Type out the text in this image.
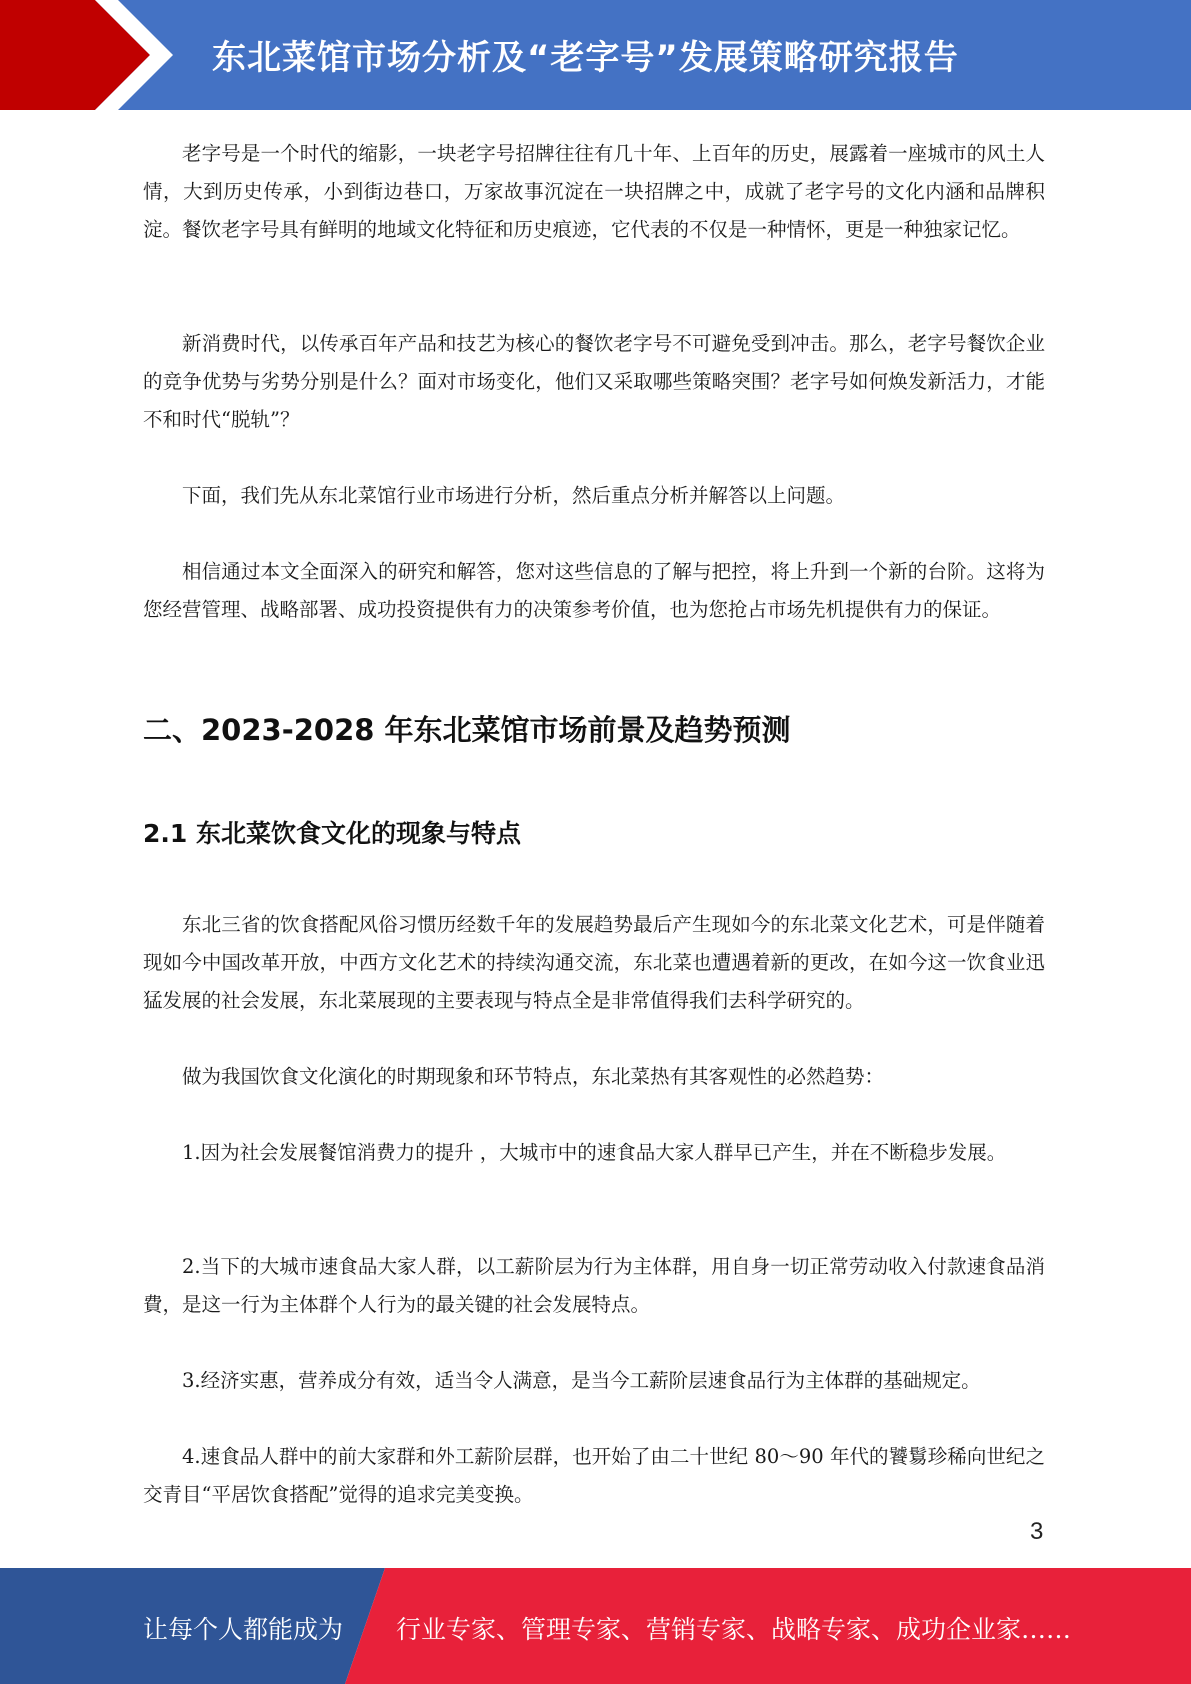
东北菜馆市场分析及“老字号”发展策略研究报告

老字号是一个时代的缩影，一块老字号招牌往往有几十年、上百年的历史，展露着一座城市的风土人情，大到历史传承，小到街边巷口，万家故事沉淀在一块招牌之中，成就了老字号的文化内涵和品牌积淀。餐饮老字号具有鲜明的地域文化特征和历史痕迹，它代表的不仅是一种情怀，更是一种独家记忆。

新消费时代，以传承百年产品和技艺为核心的餐饮老字号不可避免受到冲击。那么，老字号餐饮企业的竞争优势与劣势分别是什么？面对市场变化，他们又采取哪些策略突围？老字号如何焕发新活力，才能不和时代“脱轨”？

下面，我们先从东北菜馆行业市场进行分析，然后重点分析并解答以上问题。

相信通过本文全面深入的研究和解答，您对这些信息的了解与把控，将上升到一个新的台阶。这将为您经营管理、战略部署、成功投资提供有力的决策参考价值，也为您抢占市场先机提供有力的保证。

二、2023-2028 年东北菜馆市场前景及趋势预测
2.1 东北菜饮食文化的现象与特点

东北三省的饮食搭配风俗习惯历经数千年的发展趋势最后产生现如今的东北菜文化艺术，可是伴随着现如今中国改革开放，中西方文化艺术的持续沟通交流，东北菜也遭遇着新的更改，在如今这一饮食业迅猛发展的社会发展，东北菜展现的主要表现与特点全是非常值得我们去科学研究的。

做为我国饮食文化演化的时期现象和环节特点，东北菜热有其客观性的必然趋势：

1.因为社会发展餐馆消费力的提升 ，大城市中的速食品大家人群早已产生，并在不断稳步发展。

2.当下的大城市速食品大家人群，以工薪阶层为行为主体群，用自身一切正常劳动收入付款速食品消費，是这一行为主体群个人行为的最关键的社会发展特点。

3.经济实惠，营养成分有效，适当令人满意，是当今工薪阶层速食品行为主体群的基础规定。

4.速食品人群中的前大家群和外工薪阶层群，也开始了由二十世纪 80～90 年代的饕鬄珍稀向世纪之交青目“平居饮食搭配”觉得的追求完美变换。

3
让每个人都能成为 行业专家、管理专家、营销专家、战略专家、成功企业家……
